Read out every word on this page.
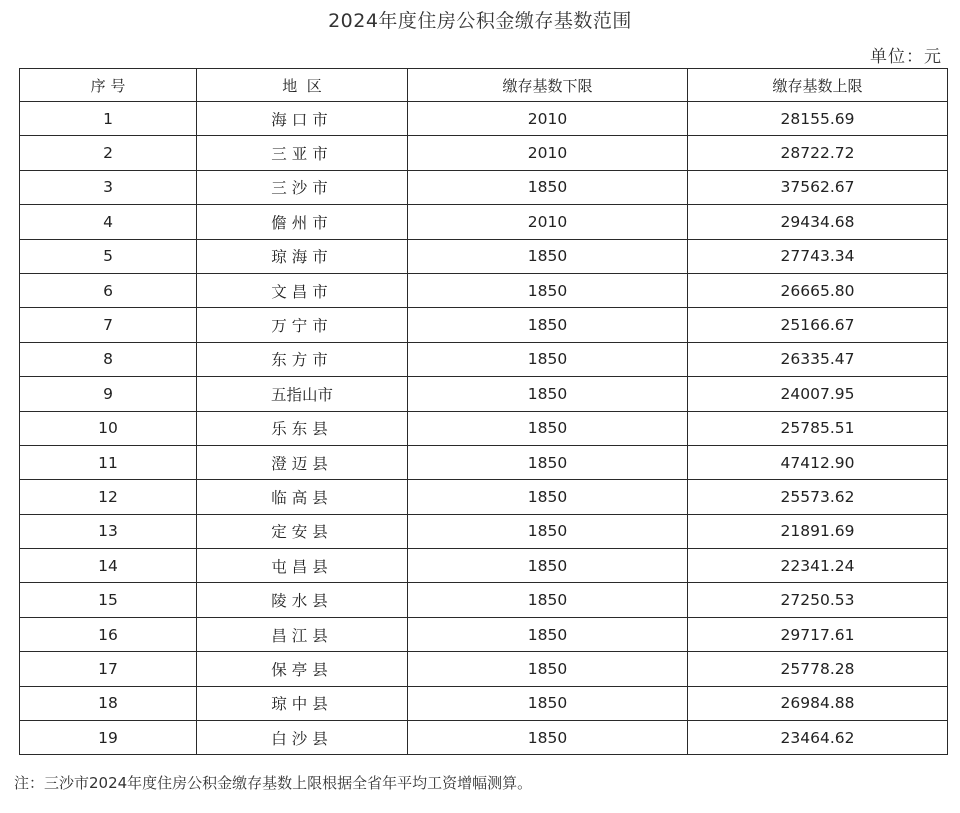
2024年度住房公积金缴存基数范围
单位：元
序 号	地  区	缴存基数下限	缴存基数上限
1	海口市	2010	28155.69
2	三亚市	2010	28722.72
3	三沙市	1850	37562.67
4	儋州市	2010	29434.68
5	琼海市	1850	27743.34
6	文昌市	1850	26665.80
7	万宁市	1850	25166.67
8	东方市	1850	26335.47
9	五指山市	1850	24007.95
10	乐东县	1850	25785.51
11	澄迈县	1850	47412.90
12	临高县	1850	25573.62
13	定安县	1850	21891.69
14	屯昌县	1850	22341.24
15	陵水县	1850	27250.53
16	昌江县	1850	29717.61
17	保亭县	1850	25778.28
18	琼中县	1850	26984.88
19	白沙县	1850	23464.62
注：三沙市2024年度住房公积金缴存基数上限根据全省年平均工资增幅测算。
